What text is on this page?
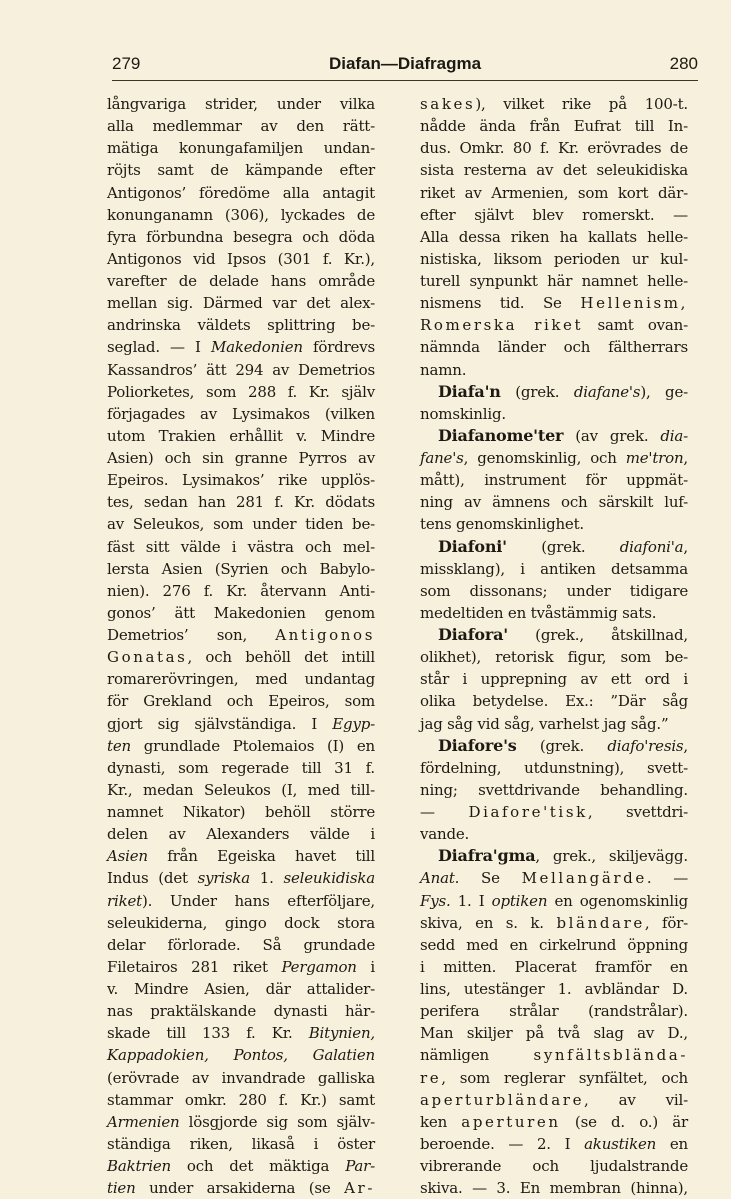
279	Diafan—Diafragma	280
långvariga strider, under vilka
alla medlemmar av den rätt-
mätiga konungafamiljen undan-
röjts samt de kämpande efter
Antigonos’ föredöme alla antagit
konunganamn (306), lyckades de
fyra förbundna besegra och döda
Antigonos vid Ipsos (301 f. Kr.),
varefter de delade hans område
mellan sig. Därmed var det alex-
andrinska väldets splittring be-
seglad. — I Makedonien fördrevs
Kassandros’ ätt 294 av Demetrios
Poliorketes, som 288 f. Kr. själv
förjagades av Lysimakos (vilken
utom Trakien erhållit v. Mindre
Asien) och sin granne Pyrros av
Epeiros. Lysimakos’ rike upplös-
tes, sedan han 281 f. Kr. dödats
av Seleukos, som under tiden be-
fäst sitt välde i västra och mel-
lersta Asien (Syrien och Babylo-
nien). 276 f. Kr. återvann Anti-
gonos’ ätt Makedonien genom
Demetrios’ son, Antigonos
Gonatas, och behöll det intill
romarerövringen, med undantag
för Grekland och Epeiros, som
gjort sig självständiga. I Egyp-
ten grundlade Ptolemaios (I) en
dynasti, som regerade till 31 f.
Kr., medan Seleukos (I, med till-
namnet Nikator) behöll större
delen av Alexanders välde i
Asien från Egeiska havet till
Indus (det syriska 1. seleukidiska
riket). Under hans efterföljare,
seleukiderna, gingo dock stora
delar förlorade. Så grundade
Filetairos 281 riket Pergamon i
v. Mindre Asien, där attalider-
nas praktälskande dynasti här-
skade till 133 f. Kr. Bitynien,
Kappadokien, Pontos, Galatien
(erövrade av invandrade galliska
stammar omkr. 280 f. Kr.) samt
Armenien lösgjorde sig som själv-
ständiga riken, likaså i öster
Baktrien och det mäktiga Par-
tien under arsakiderna (se Ar-
sakes), vilket rike på 100-t.
nådde ända från Eufrat till In-
dus. Omkr. 80 f. Kr. erövrades de
sista resterna av det seleukidiska
riket av Armenien, som kort där-
efter självt blev romerskt. —
Alla dessa riken ha kallats helle-
nistiska, liksom perioden ur kul-
turell synpunkt här namnet helle-
nismens tid. Se Hellenism,
Romerska riket samt ovan-
nämnda länder och fältherrars
namn.
Diafa'n (grek. diafane's), ge-
nomskinlig.
Diafanome'ter (av grek. dia-
fane's, genomskinlig, och me'tron,
mått), instrument för uppmät-
ning av ämnens och särskilt luf-
tens genomskinlighet.
Diafoni' (grek. diafoni'a,
missklang), i antiken detsamma
som dissonans; under tidigare
medeltiden en tvåstämmig sats.
Diafora' (grek., åtskillnad,
olikhet), retorisk figur, som be-
står i upprepning av ett ord i
olika betydelse. Ex.: ”Där såg
jag såg vid såg, varhelst jag såg.”
Diafore's (grek. diafo'resis,
fördelning, utdunstning), svett-
ning; svettdrivande behandling.
— Diafore'tisk, svettdri-
vande.
Diafra'gma, grek., skiljevägg.
Anat. Se Mellangärde. —
Fys. 1. I optiken en ogenomskinlig
skiva, en s. k. bländare, för-
sedd med en cirkelrund öppning
i mitten. Placerat framför en
lins, utestänger 1. avbländar D.
perifera strålar (randstrålar).
Man skiljer på två slag av D.,
nämligen synfältsblända-
re, som reglerar synfältet, och
aperturbländare, av vil-
ken aperturen (se d. o.) är
beroende. — 2. I akustiken en
vibrerande och ljudalstrande
skiva. — 3. En membran (hinna),
